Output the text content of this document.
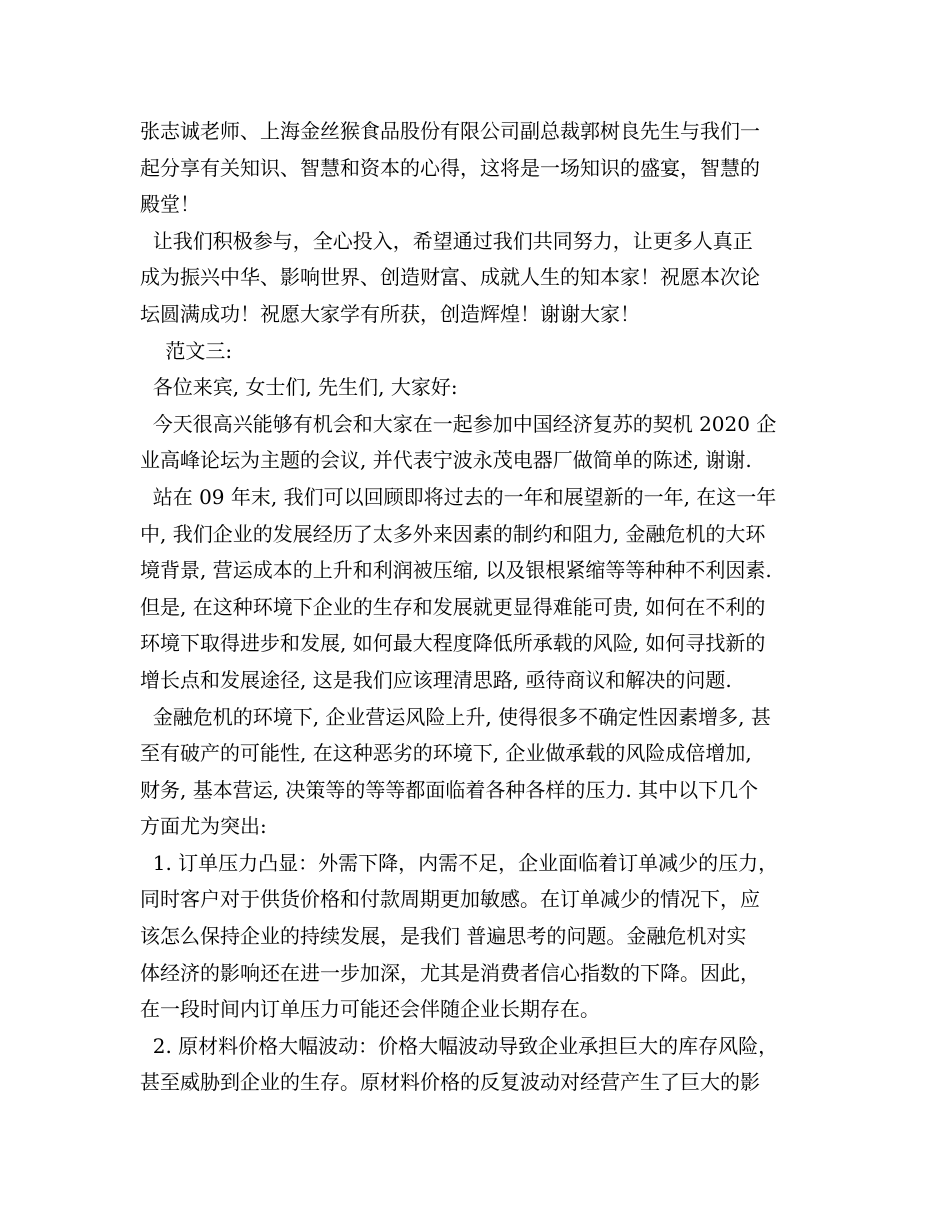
张志诚老师、上海金丝猴食品股份有限公司副总裁郭树良先生与我们一
起分享有关知识、智慧和资本的心得，这将是一场知识的盛宴，智慧的
殿堂！
让我们积极参与，全心投入，希望通过我们共同努力，让更多人真正
成为振兴中华、影响世界、创造财富、成就人生的知本家！祝愿本次论
坛圆满成功！祝愿大家学有所获，创造辉煌！谢谢大家！
范文三:
各位来宾, 女士们, 先生们, 大家好:
今天很高兴能够有机会和大家在一起参加中国经济复苏的契机 2020 企
业高峰论坛为主题的会议, 并代表宁波永茂电器厂做简单的陈述, 谢谢.
站在 09 年末, 我们可以回顾即将过去的一年和展望新的一年, 在这一年
中, 我们企业的发展经历了太多外来因素的制约和阻力, 金融危机的大环
境背景, 营运成本的上升和利润被压缩, 以及银根紧缩等等种种不利因素.
但是, 在这种环境下企业的生存和发展就更显得难能可贵, 如何在不利的
环境下取得进步和发展, 如何最大程度降低所承载的风险, 如何寻找新的
增长点和发展途径, 这是我们应该理清思路, 亟待商议和解决的问题.
金融危机的环境下, 企业营运风险上升, 使得很多不确定性因素增多, 甚
至有破产的可能性, 在这种恶劣的环境下, 企业做承载的风险成倍增加,
财务, 基本营运, 决策等的等等都面临着各种各样的压力. 其中以下几个
方面尤为突出:
1. 订单压力凸显：外需下降，内需不足，企业面临着订单减少的压力，
同时客户对于供货价格和付款周期更加敏感。在订单减少的情况下，应
该怎么保持企业的持续发展，是我们 普遍思考的问题。金融危机对实
体经济的影响还在进一步加深，尤其是消费者信心指数的下降。因此，
在一段时间内订单压力可能还会伴随企业长期存在。
2. 原材料价格大幅波动：价格大幅波动导致企业承担巨大的库存风险，
甚至威胁到企业的生存。原材料价格的反复波动对经营产生了巨大的影
